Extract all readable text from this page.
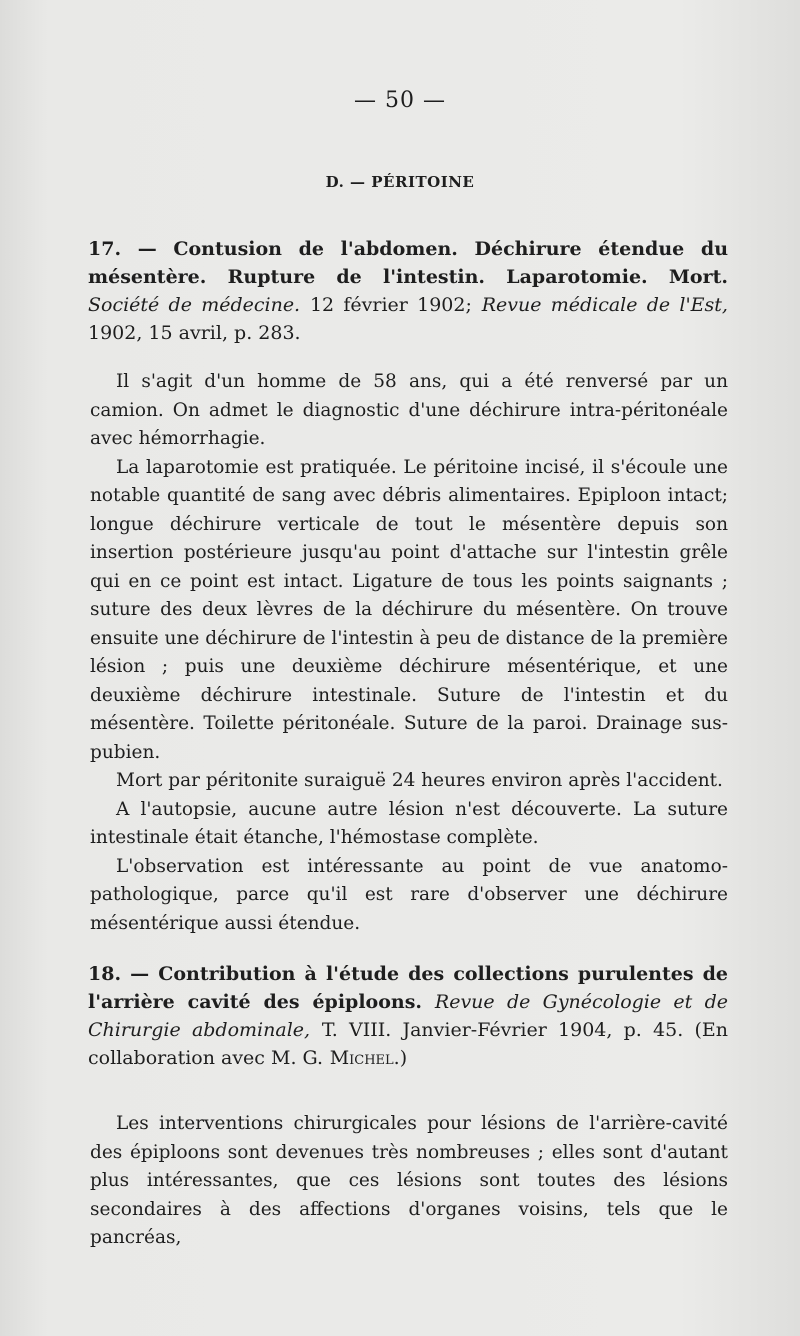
— 50 —
D. — PÉRITOINE
17. — Contusion de l'abdomen. Déchirure étendue du mésentère. Rupture de l'intestin. Laparotomie. Mort. Société de médecine. 12 février 1902; Revue médicale de l'Est, 1902, 15 avril, p. 283.

Il s'agit d'un homme de 58 ans, qui a été renversé par un camion. On admet le diagnostic d'une déchirure intra-péritonéale avec hémorrhagie.

La laparotomie est pratiquée. Le péritoine incisé, il s'écoule une notable quantité de sang avec débris alimentaires. Epiploon intact; longue déchirure verticale de tout le mésentère depuis son insertion postérieure jusqu'au point d'attache sur l'intestin grêle qui en ce point est intact. Ligature de tous les points saignants ; suture des deux lèvres de la déchirure du mésentère. On trouve ensuite une déchirure de l'intestin à peu de distance de la première lésion ; puis une deuxième déchirure mésentérique, et une deuxième déchirure intestinale. Suture de l'intestin et du mésentère. Toilette péritonéale. Suture de la paroi. Drainage sus-pubien.

Mort par péritonite suraiguë 24 heures environ après l'accident.

A l'autopsie, aucune autre lésion n'est découverte. La suture intestinale était étanche, l'hémostase complète.

L'observation est intéressante au point de vue anatomo-pathologique, parce qu'il est rare d'observer une déchirure mésentérique aussi étendue.

18. — Contribution à l'étude des collections purulentes de l'arrière cavité des épiploons. Revue de Gynécologie et de Chirurgie abdominale, T. VIII. Janvier-Février 1904, p. 45. (En collaboration avec M. G. Michel.)

Les interventions chirurgicales pour lésions de l'arrière-cavité des épiploons sont devenues très nombreuses ; elles sont d'autant plus intéressantes, que ces lésions sont toutes des lésions secondaires à des affections d'organes voisins, tels que le pancréas,
